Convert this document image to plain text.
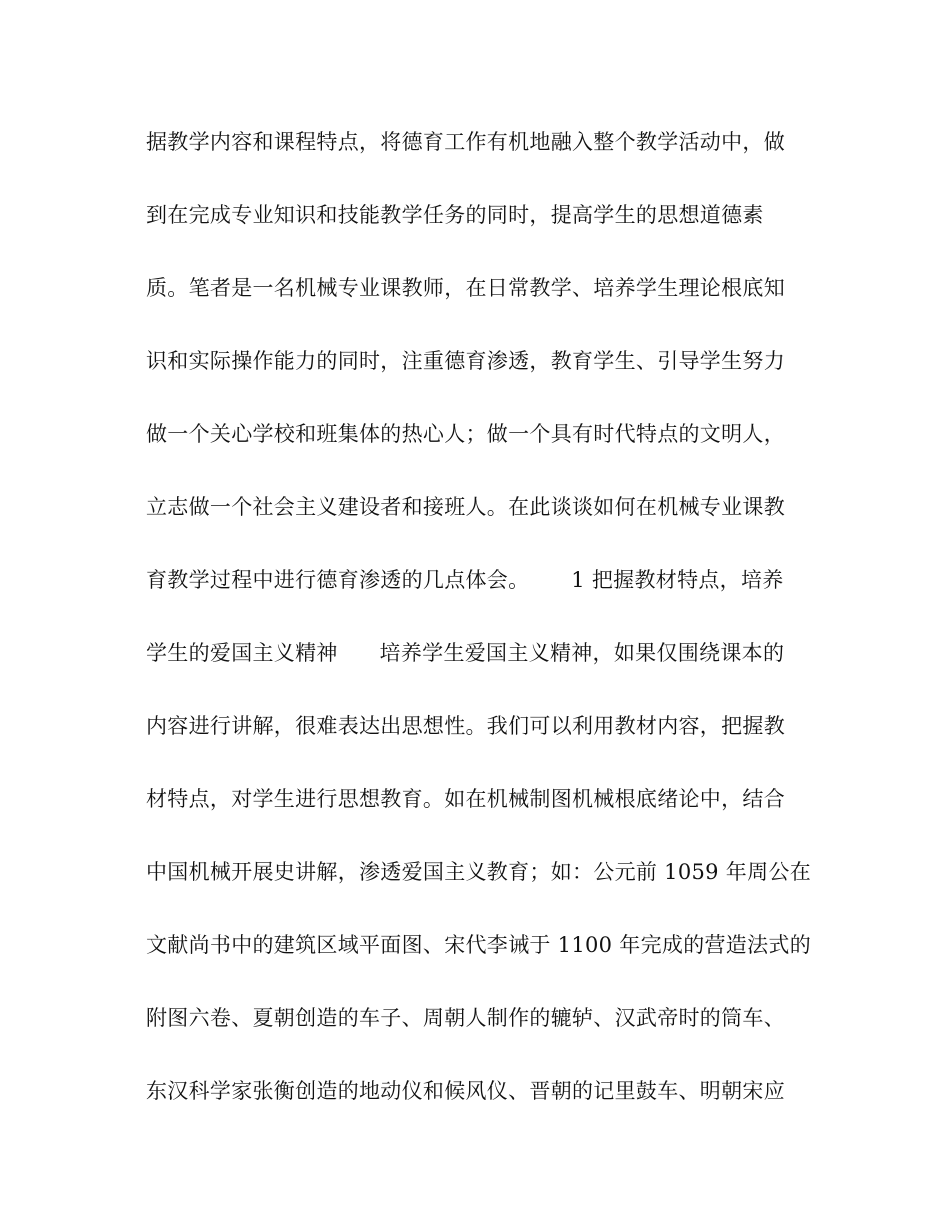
据教学内容和课程特点，将德育工作有机地融入整个教学活动中，做
到在完成专业知识和技能教学任务的同时，提高学生的思想道德素
质。笔者是一名机械专业课教师，在日常教学、培养学生理论根底知
识和实际操作能力的同时，注重德育渗透，教育学生、引导学生努力
做一个关心学校和班集体的热心人；做一个具有时代特点的文明人，
立志做一个社会主义建设者和接班人。在此谈谈如何在机械专业课教
育教学过程中进行德育渗透的几点体会。      1 把握教材特点，培养
学生的爱国主义精神      培养学生爱国主义精神，如果仅围绕课本的
内容进行讲解，很难表达出思想性。我们可以利用教材内容，把握教
材特点，对学生进行思想教育。如在机械制图机械根底绪论中，结合
中国机械开展史讲解，渗透爱国主义教育；如：公元前 1059 年周公在
文献尚书中的建筑区域平面图、宋代李诫于 1100 年完成的营造法式的
附图六卷、夏朝创造的车子、周朝人制作的辘轳、汉武帝时的筒车、
东汉科学家张衡创造的地动仪和候风仪、晋朝的记里鼓车、明朝宋应
